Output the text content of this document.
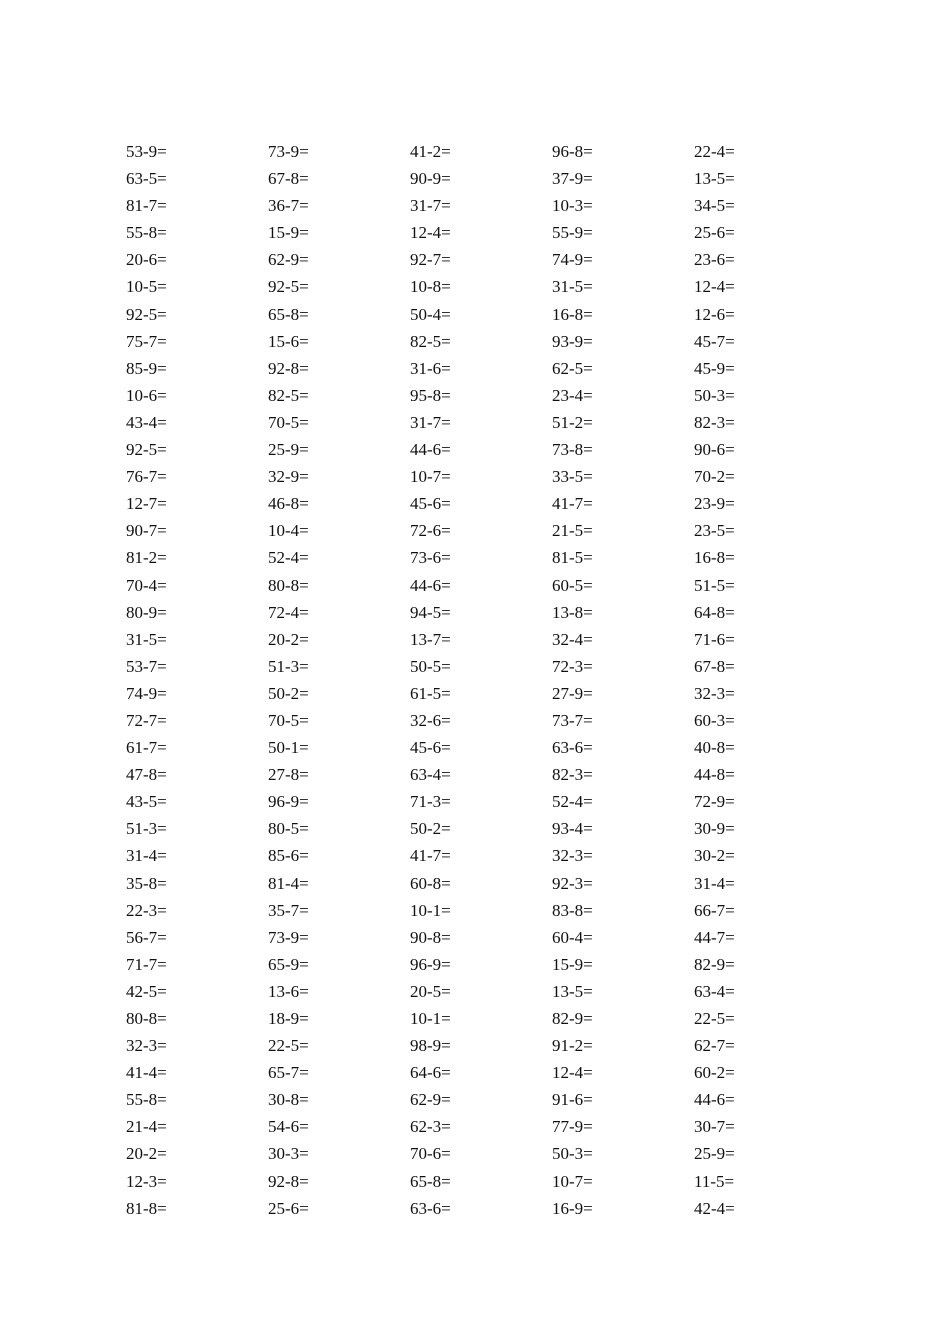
53-9=	73-9=	41-2=	96-8=	22-4=
63-5=	67-8=	90-9=	37-9=	13-5=
81-7=	36-7=	31-7=	10-3=	34-5=
55-8=	15-9=	12-4=	55-9=	25-6=
20-6=	62-9=	92-7=	74-9=	23-6=
10-5=	92-5=	10-8=	31-5=	12-4=
92-5=	65-8=	50-4=	16-8=	12-6=
75-7=	15-6=	82-5=	93-9=	45-7=
85-9=	92-8=	31-6=	62-5=	45-9=
10-6=	82-5=	95-8=	23-4=	50-3=
43-4=	70-5=	31-7=	51-2=	82-3=
92-5=	25-9=	44-6=	73-8=	90-6=
76-7=	32-9=	10-7=	33-5=	70-2=
12-7=	46-8=	45-6=	41-7=	23-9=
90-7=	10-4=	72-6=	21-5=	23-5=
81-2=	52-4=	73-6=	81-5=	16-8=
70-4=	80-8=	44-6=	60-5=	51-5=
80-9=	72-4=	94-5=	13-8=	64-8=
31-5=	20-2=	13-7=	32-4=	71-6=
53-7=	51-3=	50-5=	72-3=	67-8=
74-9=	50-2=	61-5=	27-9=	32-3=
72-7=	70-5=	32-6=	73-7=	60-3=
61-7=	50-1=	45-6=	63-6=	40-8=
47-8=	27-8=	63-4=	82-3=	44-8=
43-5=	96-9=	71-3=	52-4=	72-9=
51-3=	80-5=	50-2=	93-4=	30-9=
31-4=	85-6=	41-7=	32-3=	30-2=
35-8=	81-4=	60-8=	92-3=	31-4=
22-3=	35-7=	10-1=	83-8=	66-7=
56-7=	73-9=	90-8=	60-4=	44-7=
71-7=	65-9=	96-9=	15-9=	82-9=
42-5=	13-6=	20-5=	13-5=	63-4=
80-8=	18-9=	10-1=	82-9=	22-5=
32-3=	22-5=	98-9=	91-2=	62-7=
41-4=	65-7=	64-6=	12-4=	60-2=
55-8=	30-8=	62-9=	91-6=	44-6=
21-4=	54-6=	62-3=	77-9=	30-7=
20-2=	30-3=	70-6=	50-3=	25-9=
12-3=	92-8=	65-8=	10-7=	11-5=
81-8=	25-6=	63-6=	16-9=	42-4=
